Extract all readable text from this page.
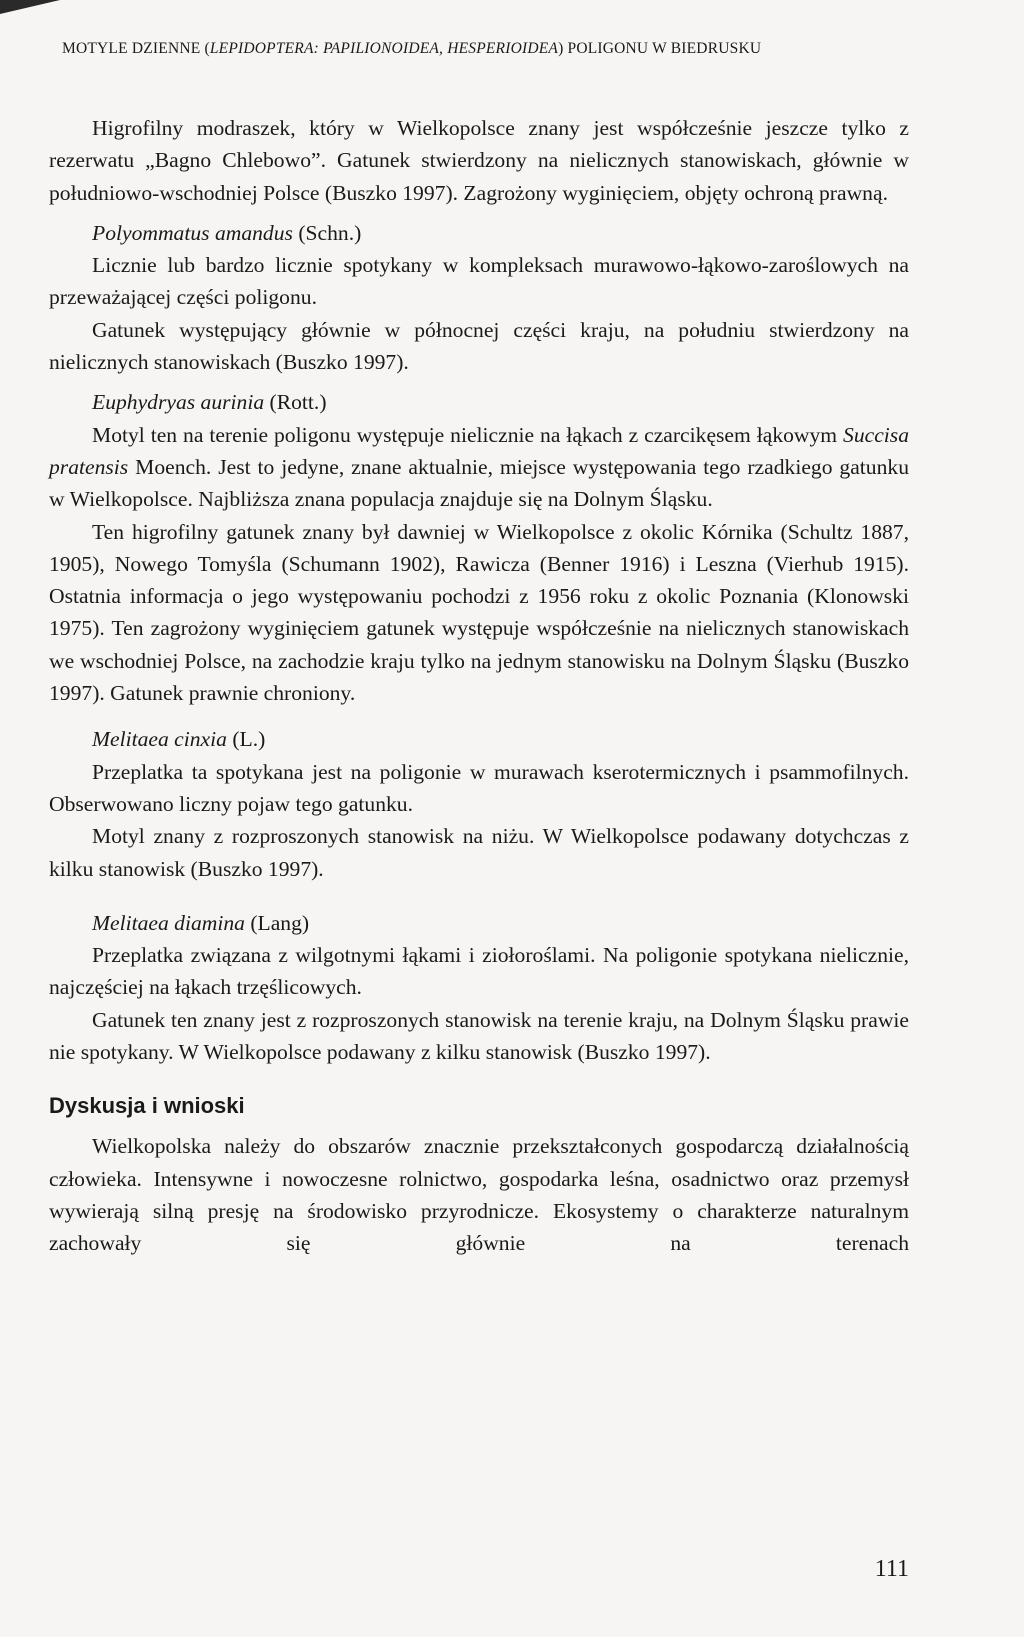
MOTYLE DZIENNE (LEPIDOPTERA: PAPILIONOIDEA, HESPERIOIDEA) POLIGONU W BIEDRUSKU

Higrofilny modraszek, który w Wielkopolsce znany jest współcześnie jeszcze tylko z rezerwatu „Bagno Chlebowo”. Gatunek stwierdzony na nielicznych stanowiskach, głównie w południowo-wschodniej Polsce (Buszko 1997). Zagrożony wyginięciem, objęty ochroną prawną.

Polyommatus amandus (Schn.)

Licznie lub bardzo licznie spotykany w kompleksach murawowo-łąkowo-zaroślowych na przeważającej części poligonu.

Gatunek występujący głównie w północnej części kraju, na południu stwierdzony na nielicznych stanowiskach (Buszko 1997).

Euphydryas aurinia (Rott.)

Motyl ten na terenie poligonu występuje nielicznie na łąkach z czarcikęsem łąkowym Succisa pratensis Moench. Jest to jedyne, znane aktualnie, miejsce występowania tego rzadkiego gatunku w Wielkopolsce. Najbliższa znana populacja znajduje się na Dolnym Śląsku.

Ten higrofilny gatunek znany był dawniej w Wielkopolsce z okolic Kórnika (Schultz 1887, 1905), Nowego Tomyśla (Schumann 1902), Rawicza (Benner 1916) i Leszna (Vierhub 1915). Ostatnia informacja o jego występowaniu pochodzi z 1956 roku z okolic Poznania (Klonowski 1975). Ten zagrożony wyginięciem gatunek występuje współcześnie na nielicznych stanowiskach we wschodniej Polsce, na zachodzie kraju tylko na jednym stanowisku na Dolnym Śląsku (Buszko 1997). Gatunek prawnie chroniony.

Melitaea cinxia (L.)

Przeplatka ta spotykana jest na poligonie w murawach kserotermicznych i psammofilnych. Obserwowano liczny pojaw tego gatunku.

Motyl znany z rozproszonych stanowisk na niżu. W Wielkopolsce podawany dotychczas z kilku stanowisk (Buszko 1997).

Melitaea diamina (Lang)

Przeplatka związana z wilgotnymi łąkami i ziołoroślami. Na poligonie spotykana nielicznie, najczęściej na łąkach trzęślicowych.

Gatunek ten znany jest z rozproszonych stanowisk na terenie kraju, na Dolnym Śląsku prawie nie spotykany. W Wielkopolsce podawany z kilku stanowisk (Buszko 1997).

Dyskusja i wnioski

Wielkopolska należy do obszarów znacznie przekształconych gospodarczą działalnością człowieka. Intensywne i nowoczesne rolnictwo, gospodarka leśna, osadnictwo oraz przemysł wywierają silną presję na środowisko przyrodnicze. Ekosystemy o charakterze naturalnym zachowały się głównie na terenach

111
